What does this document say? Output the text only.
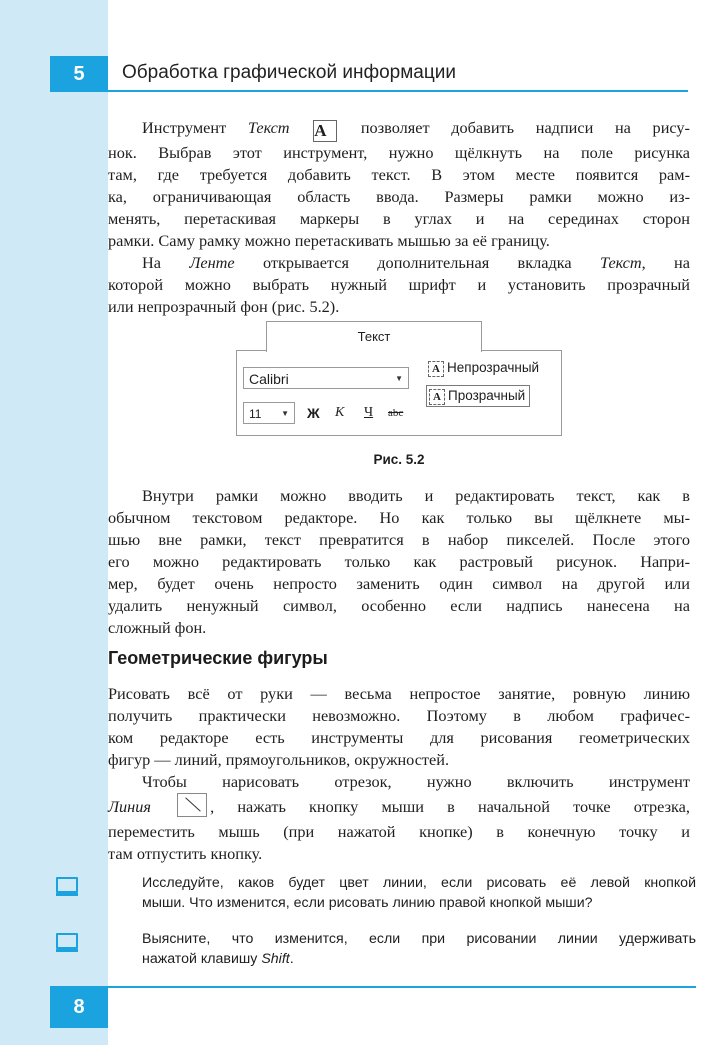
5	Обработка графической информации

Инструмент Текст A позволяет добавить надписи на рису-

нок. Выбрав этот инструмент, нужно щёлкнуть на поле рисунка

там, где требуется добавить текст. В этом месте появится рам-

ка, ограничивающая область ввода. Размеры рамки можно из-

менять, перетаскивая маркеры в углах и на серединах сторон

рамки. Саму рамку можно перетаскивать мышью за её границу.

На Ленте открывается дополнительная вкладка Текст, на

которой можно выбрать нужный шрифт и установить прозрачный

или непрозрачный фон (рис. 5.2).

Calibri	▼
11 ▼ Ж К Ч abc
A Непрозрачный
A Прозрачный
Текст
Рис. 5.2

Внутри рамки можно вводить и редактировать текст, как в

обычном текстовом редакторе. Но как только вы щёлкнете мы-

шью вне рамки, текст превратится в набор пикселей. После этого

его можно редактировать только как растровый рисунок. Напри-

мер, будет очень непросто заменить один символ на другой или

удалить ненужный символ, особенно если надпись нанесена на

сложный фон.

Геометрические фигуры

Рисовать всё от руки — весьма непростое занятие, ровную линию

получить практически невозможно. Поэтому в любом графичес-

ком редакторе есть инструменты для рисования геометрических

фигур — линий, прямоугольников, окружностей.

Чтобы нарисовать отрезок, нужно включить инструмент

Линия	, нажать кнопку мыши в начальной точке отрезка,

переместить мышь (при нажатой кнопке) в конечную точку и

там отпустить кнопку.

Исследуйте, каков будет цвет линии, если рисовать её левой кнопкой

мыши. Что изменится, если рисовать линию правой кнопкой мыши?

Выясните, что изменится, если при рисовании линии удерживать

нажатой клавишу Shift.

8
